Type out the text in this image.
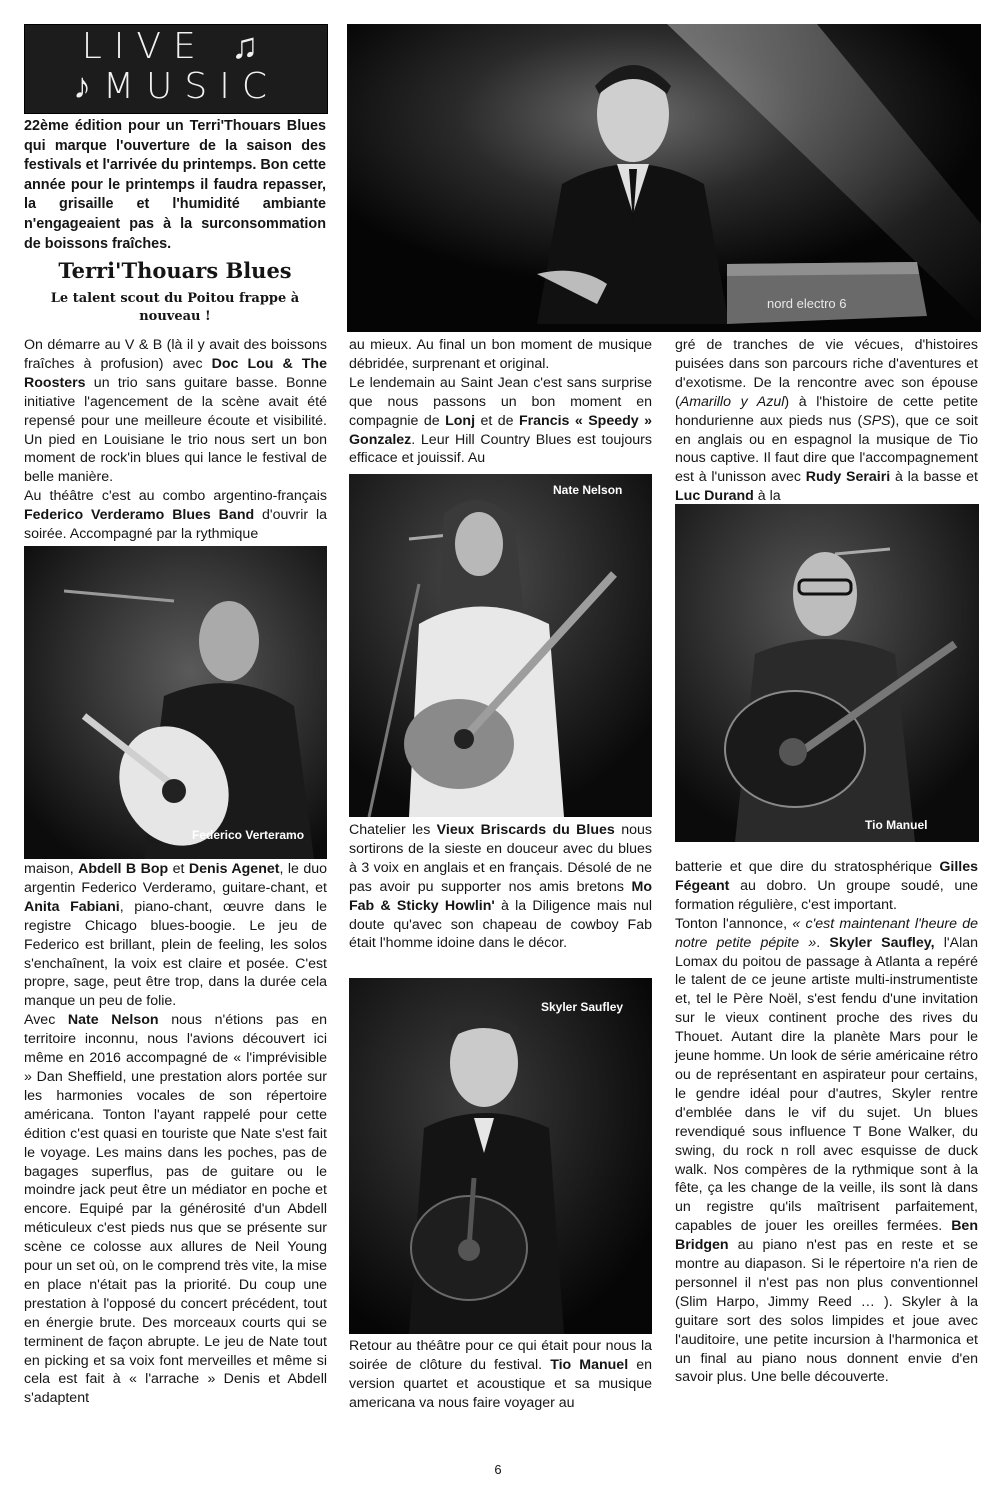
LIVE ♫
♪MUSIC
22ème édition pour un Terri'Thouars Blues qui marque l'ouverture de la saison des festivals et l'arrivée du printemps. Bon cette année pour le printemps il faudra repasser, la grisaille et l'humidité ambiante n'engageaient pas à la surconsommation de boissons fraîches.
Terri'Thouars Blues
Le talent scout du Poitou frappe à nouveau !
nord electro 6

On démarre au V & B (là il y avait des boissons fraîches à profusion) avec Doc Lou & The Roosters un trio sans guitare basse. Bonne initiative l'agencement de la scène avait été repensé pour une meilleure écoute et visibilité. Un pied en Louisiane le trio nous sert un bon moment de rock'in blues qui lance le festival de belle manière.

Au théâtre c'est au combo argentino-français Federico Verderamo Blues Band d'ouvrir la soirée. Accompagné par la rythmique

Federico Verteramo

maison, Abdell B Bop et Denis Agenet, le duo argentin Federico Verderamo, guitare-chant, et Anita Fabiani, piano-chant, œuvre dans le registre Chicago blues-boogie. Le jeu de Federico est brillant, plein de feeling, les solos s'enchaînent, la voix est claire et posée. C'est propre, sage, peut être trop, dans la durée cela manque un peu de folie.

Avec Nate Nelson nous n'étions pas en territoire inconnu, nous l'avions découvert ici même en 2016 accompagné de « l'imprévisible » Dan Sheffield, une prestation alors portée sur les harmonies vocales de son répertoire américana. Tonton l'ayant rappelé pour cette édition c'est quasi en touriste que Nate s'est fait le voyage. Les mains dans les poches, pas de bagages superflus, pas de guitare ou le moindre jack peut être un médiator en poche et encore. Equipé par la générosité d'un Abdell méticuleux c'est pieds nus que se présente sur scène ce colosse aux allures de Neil Young pour un set où, on le comprend très vite, la mise en place n'était pas la priorité. Du coup une prestation à l'opposé du concert précédent, tout en énergie brute. Des morceaux courts qui se terminent de façon abrupte. Le jeu de Nate tout en picking et sa voix font merveilles et même si cela est fait à « l'arrache » Denis et Abdell s'adaptent

au mieux. Au final un bon moment de musique débridée, surprenant et original.

Le lendemain au Saint Jean c'est sans surprise que nous passons un bon moment en compagnie de Lonj et de Francis « Speedy » Gonzalez. Leur Hill Country Blues est toujours efficace et jouissif. Au

Nate Nelson

Chatelier les Vieux Briscards du Blues nous sortirons de la sieste en douceur avec du blues à 3 voix en anglais et en français. Désolé de ne pas avoir pu supporter nos amis bretons Mo Fab & Sticky Howlin' à la Diligence mais nul doute qu'avec son chapeau de cowboy Fab était l'homme idoine dans le décor.

Skyler Saufley

Retour au théâtre pour ce qui était pour nous la soirée de clôture du festival. Tio Manuel en version quartet et acoustique et sa musique americana va nous faire voyager au

gré de tranches de vie vécues, d'histoires puisées dans son parcours riche d'aventures et d'exotisme. De la rencontre avec son épouse (Amarillo y Azul) à l'histoire de cette petite hondurienne aux pieds nus (SPS), que ce soit en anglais ou en espagnol la musique de Tio nous captive. Il faut dire que l'accompagnement est à l'unisson avec Rudy Serairi à la basse et Luc Durand à la

Tio Manuel

batterie et que dire du stratosphérique Gilles Fégeant au dobro. Un groupe soudé, une formation régulière, c'est important.

Tonton l'annonce, « c'est maintenant l'heure de notre petite pépite ». Skyler Saufley, l'Alan Lomax du poitou de passage à Atlanta a repéré le talent de ce jeune artiste multi-instrumentiste et, tel le Père Noël, s'est fendu d'une invitation sur le vieux continent proche des rives du Thouet. Autant dire la planète Mars pour le jeune homme. Un look de série américaine rétro ou de représentant en aspirateur pour certains, le gendre idéal pour d'autres, Skyler rentre d'emblée dans le vif du sujet. Un blues revendiqué sous influence T Bone Walker, du swing, du rock n roll avec esquisse de duck walk. Nos compères de la rythmique sont à la fête, ça les change de la veille, ils sont là dans un registre qu'ils maîtrisent parfaitement, capables de jouer les oreilles fermées. Ben Bridgen au piano n'est pas en reste et se montre au diapason. Si le répertoire n'a rien de personnel il n'est pas non plus conventionnel (Slim Harpo, Jimmy Reed … ). Skyler à la guitare sort des solos limpides et joue avec l'auditoire, une petite incursion à l'harmonica et un final au piano nous donnent envie d'en savoir plus. Une belle découverte.

6
